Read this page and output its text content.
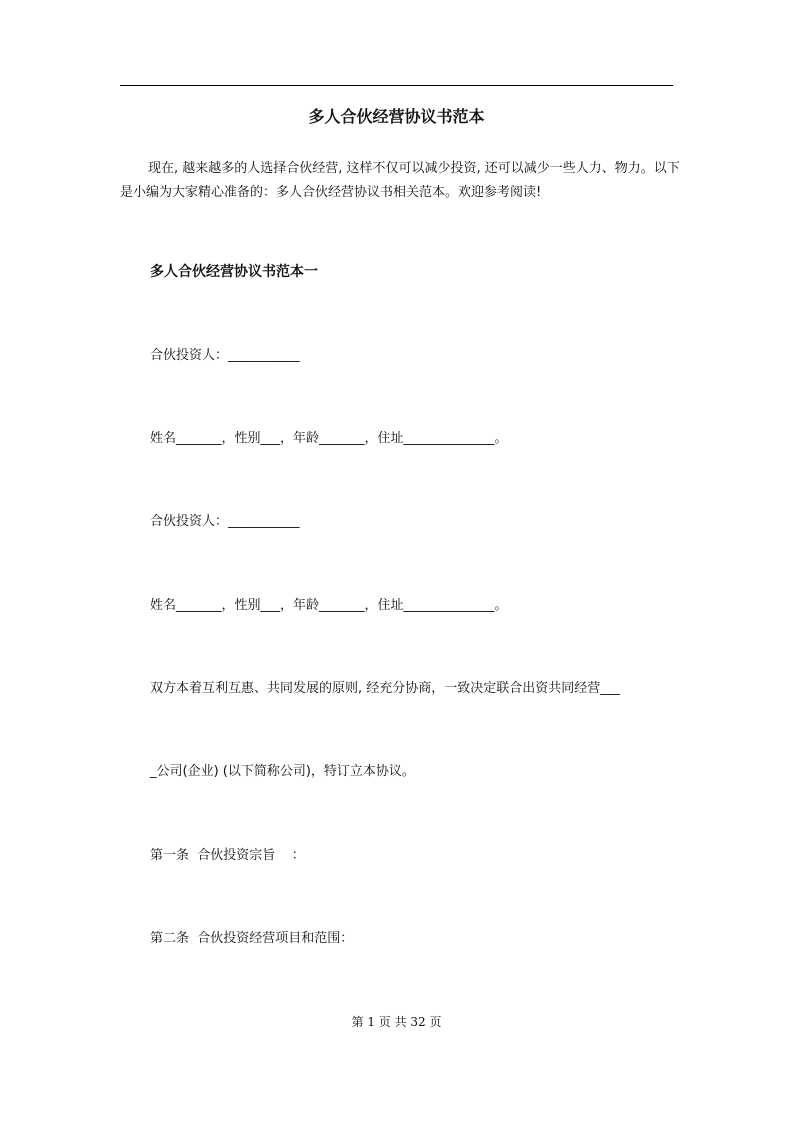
多人合伙经营协议书范本

现在, 越来越多的人选择合伙经营, 这样不仅可以减少投资, 还可以减少一些人力、物力。以下是小编为大家精心准备的：多人合伙经营协议书相关范本。欢迎参考阅读!

多人合伙经营协议书范本一
合伙投资人：___________
姓名_______，性别___，年龄_______，住址______________。
合伙投资人：___________
姓名_______，性别___，年龄_______，住址______________。
双方本着互利互惠、共同发展的原则, 经充分协商，一致决定联合出资共同经营___
_公司(企业) (以下简称公司)，特订立本协议。
第一条  合伙投资宗旨    ：
第二条  合伙投资经营项目和范围：
第 1 页 共 32 页
